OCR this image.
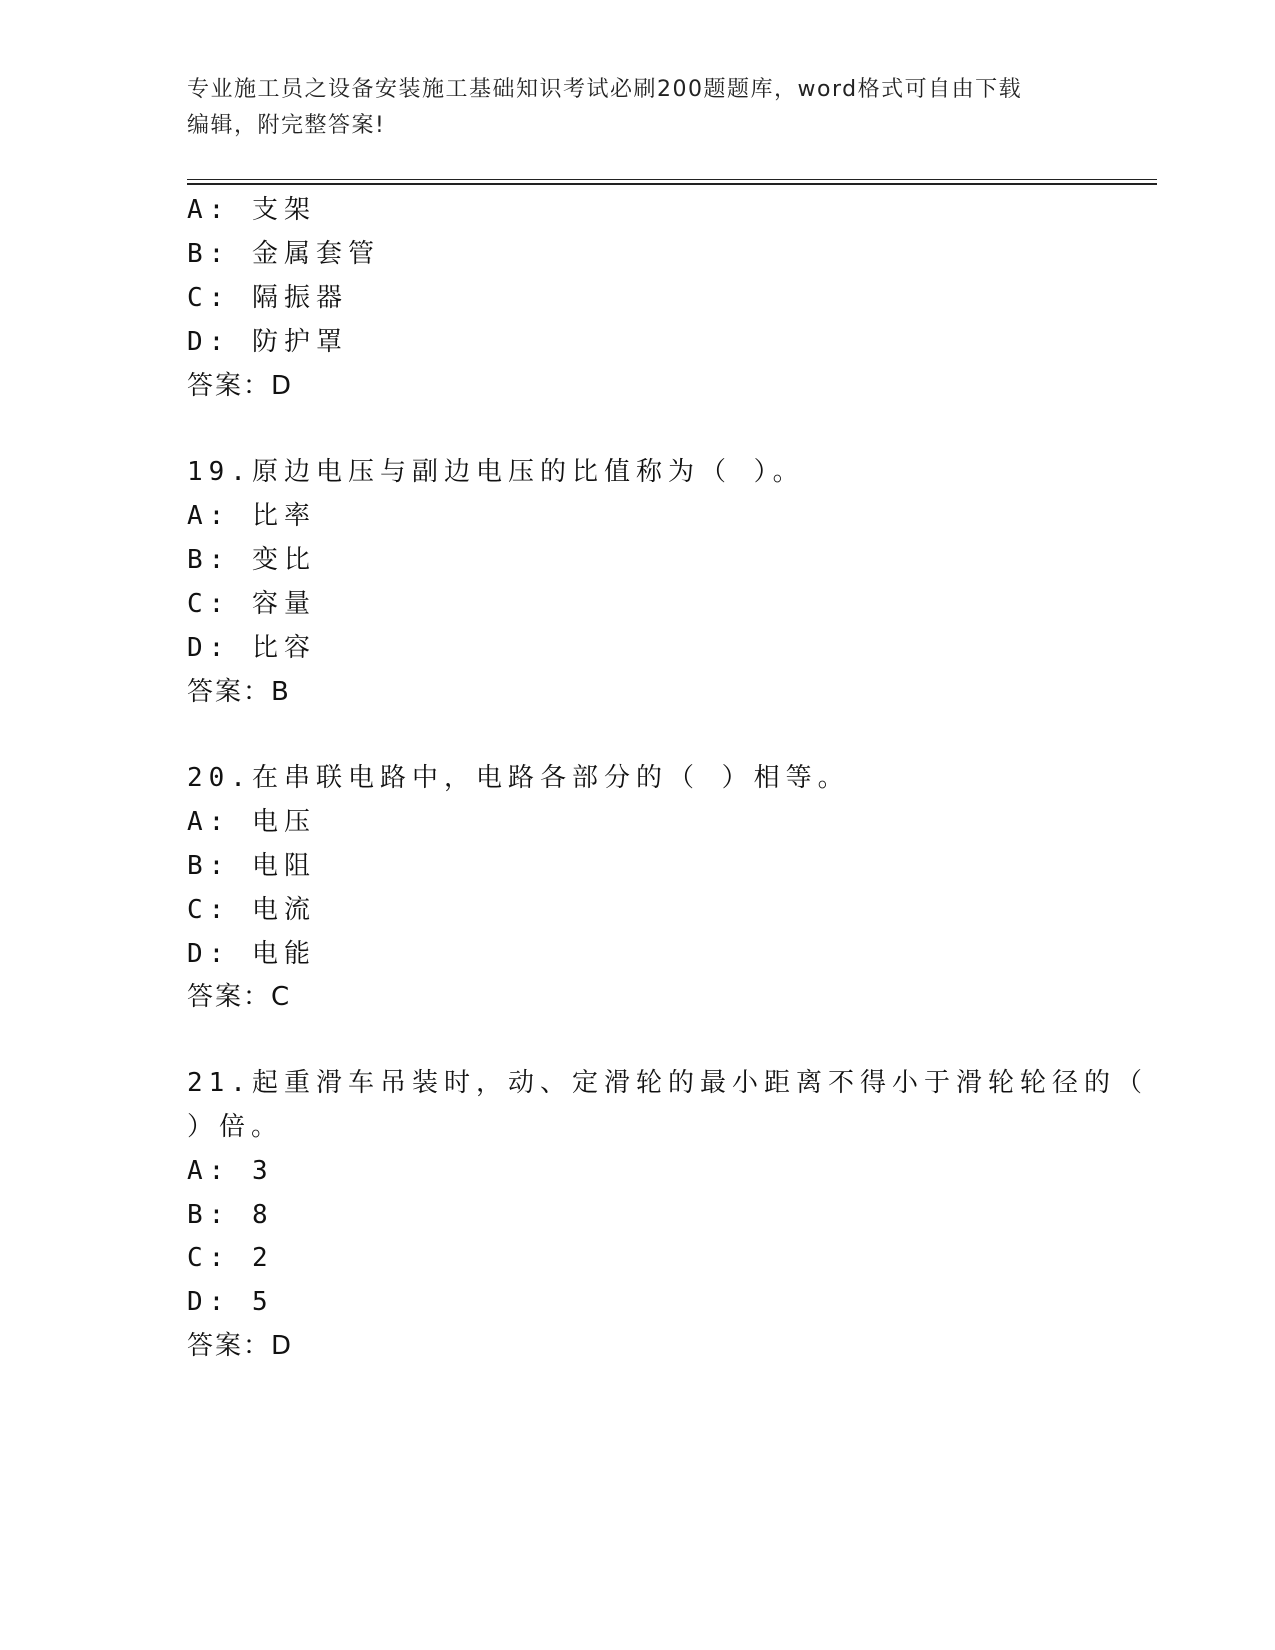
专业施工员之设备安装施工基础知识考试必刷200题题库，word格式可自由下载
编辑，附完整答案!
A: 支架
B: 金属套管
C: 隔振器
D: 防护罩
答案：D
19.原边电压与副边电压的比值称为（ ）。
A: 比率
B: 变比
C: 容量
D: 比容
答案：B
20.在串联电路中，电路各部分的（ ）相等。
A: 电压
B: 电阻
C: 电流
D: 电能
答案：C
21.起重滑车吊装时，动、定滑轮的最小距离不得小于滑轮轮径的（
）倍。
A: 3
B: 8
C: 2
D: 5
答案：D
